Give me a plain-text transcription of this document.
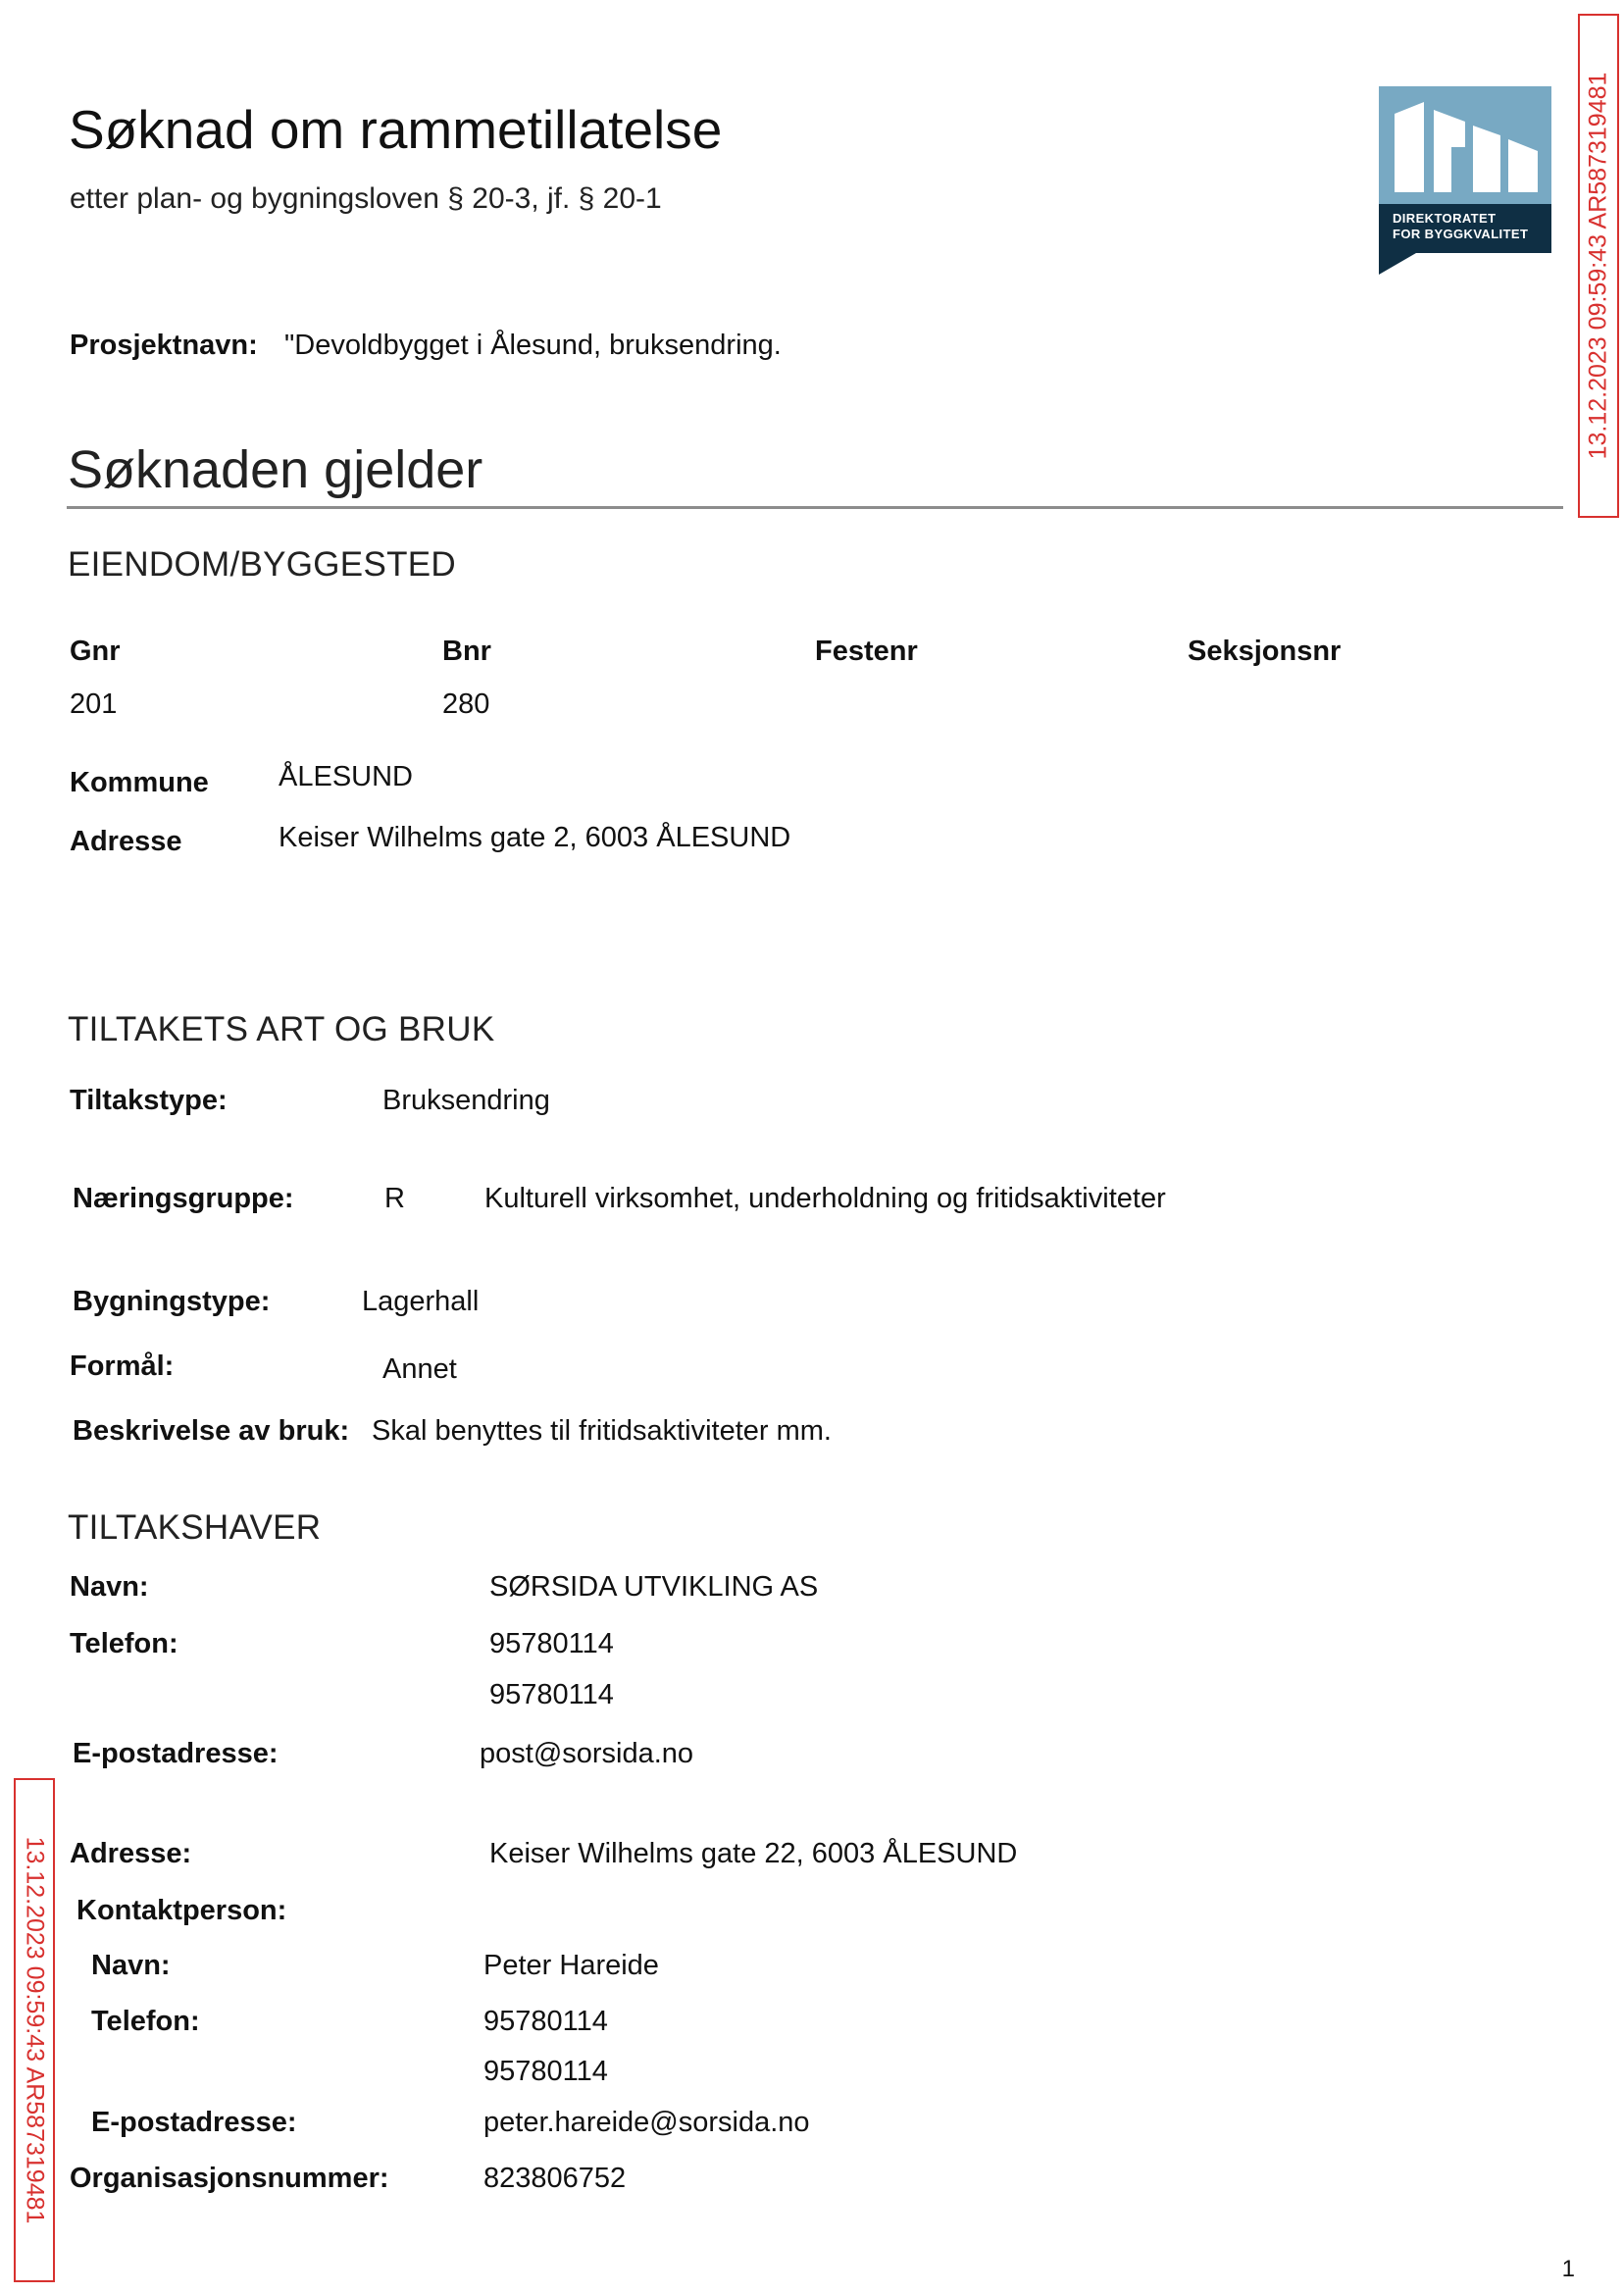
Søknad om rammetillatelse
etter plan- og bygningsloven § 20-3, jf. § 20-1
DIREKTORATET
FOR BYGGKVALITET
Prosjektnavn: "Devoldbygget i Ålesund, bruksendring.
Søknaden gjelder
EIENDOM/BYGGESTED
Gnr	Bnr	Festenr	Seksjonsnr
201	280
Kommune ÅLESUND
Adresse	Keiser Wilhelms gate 2, 6003 ÅLESUND
TILTAKETS ART OG BRUK
Tiltakstype:	Bruksendring
Næringsgruppe:	R	Kulturell virksomhet, underholdning og fritidsaktiviteter
Bygningstype:	Lagerhall
Formål:	Annet
Beskrivelse av bruk: Skal benyttes til fritidsaktiviteter mm.
TILTAKSHAVER
Navn:	SØRSIDA UTVIKLING AS
Telefon:	95780114
95780114
E-postadresse:	post@sorsida.no
Adresse:	Keiser Wilhelms gate 22, 6003 ÅLESUND
Kontaktperson:
Navn:	Peter Hareide
Telefon:	95780114
95780114
E-postadresse:	peter.hareide@sorsida.no
Organisasjonsnummer:	823806752
13.12.2023 09:59:43 AR587319481
13.12.2023 09:59:43 AR587319481
1
